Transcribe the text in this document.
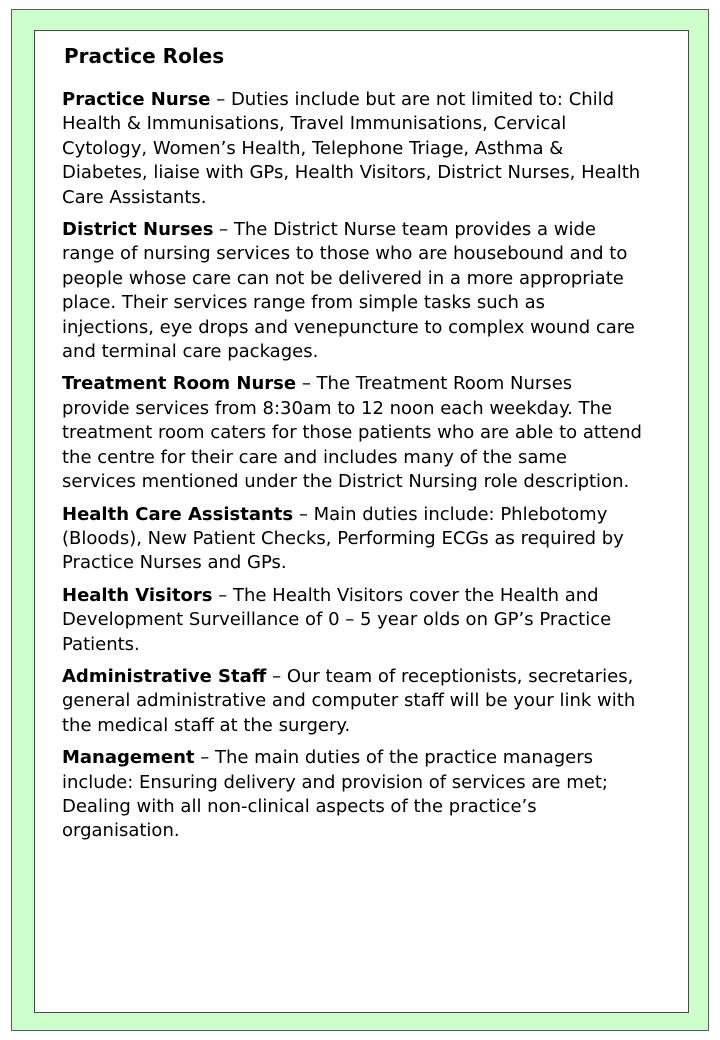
Practice Roles
Practice Nurse – Duties include but are not limited to: Child Health & Immunisations, Travel Immunisations, Cervical Cytology, Women’s Health, Telephone Triage, Asthma & Diabetes, liaise with GPs, Health Visitors, District Nurses, Health Care Assistants.
District Nurses – The District Nurse team provides a wide range of nursing services to those who are housebound and to people whose care can not be delivered in a more appropriate place. Their services range from simple tasks such as injections, eye drops and venepuncture to complex wound care and terminal care packages.
Treatment Room Nurse – The Treatment Room Nurses provide services from 8:30am to 12 noon each weekday. The treatment room caters for those patients who are able to attend the centre for their care and includes many of the same services mentioned under the District Nursing role description.
Health Care Assistants – Main duties include: Phlebotomy (Bloods), New Patient Checks, Performing ECGs as required by Practice Nurses and GPs.
Health Visitors – The Health Visitors cover the Health and Development Surveillance of 0 – 5 year olds on GP’s Practice Patients.
Administrative Staff – Our team of receptionists, secretaries, general administrative and computer staff will be your link with the medical staff at the surgery.
Management – The main duties of the practice managers include: Ensuring delivery and provision of services are met; Dealing with all non-clinical aspects of the practice’s organisation.
